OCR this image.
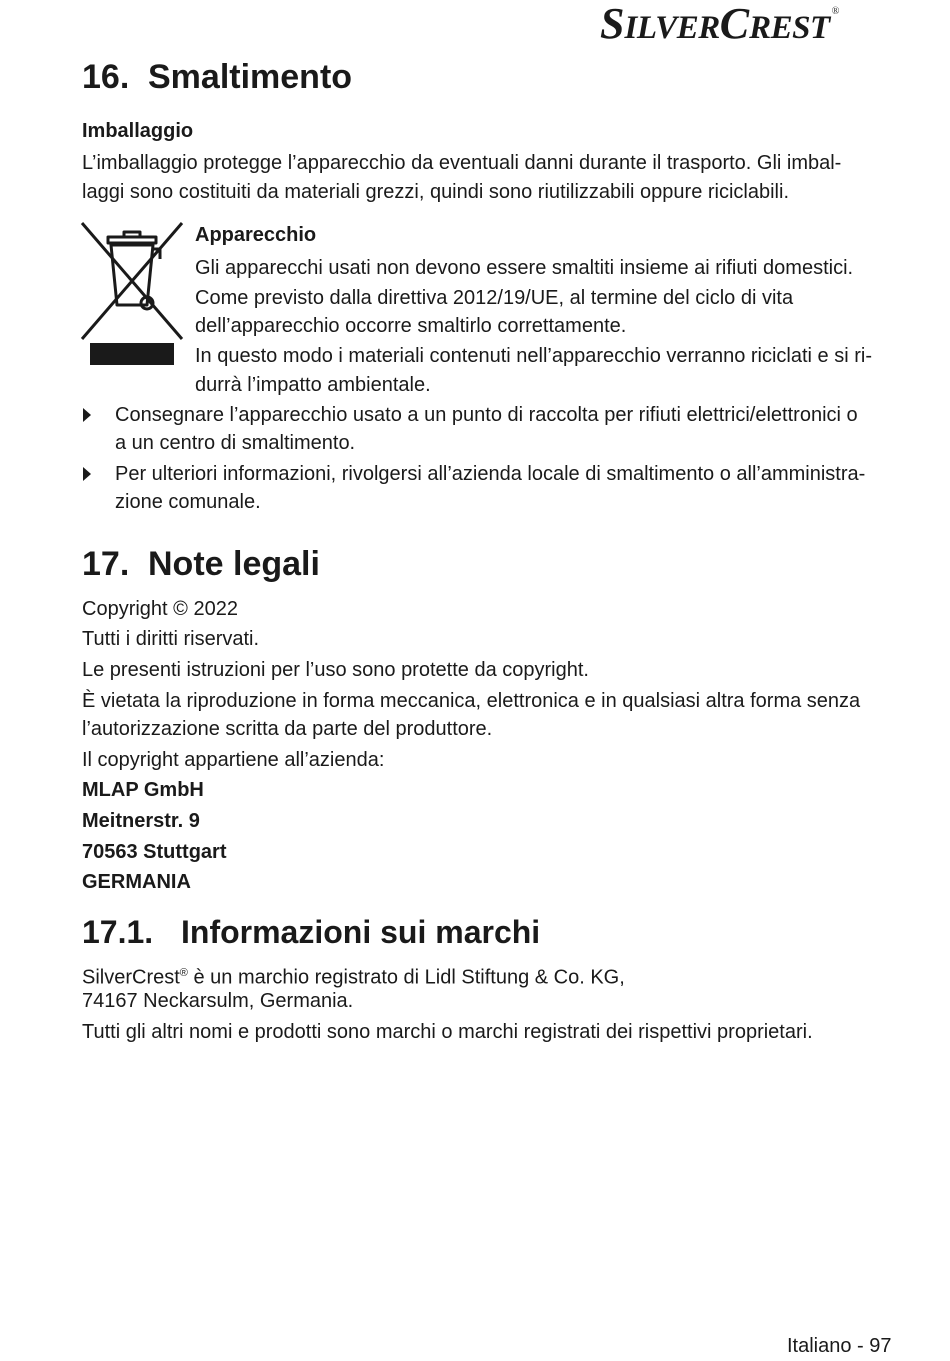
SILVERCREST ®
16. Smaltimento
Imballaggio
L’imballaggio protegge l’apparecchio da eventuali danni durante il trasporto. Gli imbal-
laggi sono costituiti da materiali grezzi, quindi sono riutilizzabili oppure riciclabili.
Apparecchio
Gli apparecchi usati non devono essere smaltiti insieme ai rifiuti domestici.
Come previsto dalla direttiva 2012/19/UE, al termine del ciclo di vita
dell’apparecchio occorre smaltirlo correttamente.
In questo modo i materiali contenuti nell’apparecchio verranno riciclati e si ri-
durrà l’impatto ambientale.
Consegnare l’apparecchio usato a un punto di raccolta per rifiuti elettrici/elettronici o
a un centro di smaltimento.
Per ulteriori informazioni, rivolgersi all’azienda locale di smaltimento o all’amministra-
zione comunale.
17. Note legali
Copyright © 2022
Tutti i diritti riservati.
Le presenti istruzioni per l’uso sono protette da copyright.
È vietata la riproduzione in forma meccanica, elettronica e in qualsiasi altra forma senza
l’autorizzazione scritta da parte del produttore.
Il copyright appartiene all’azienda:
MLAP GmbH
Meitnerstr. 9
70563 Stuttgart
GERMANIA
17.1. Informazioni sui marchi
SilverCrest® è un marchio registrato di Lidl Stiftung & Co. KG,
74167 Neckarsulm, Germania.
Tutti gli altri nomi e prodotti sono marchi o marchi registrati dei rispettivi proprietari.
Italiano - 97
